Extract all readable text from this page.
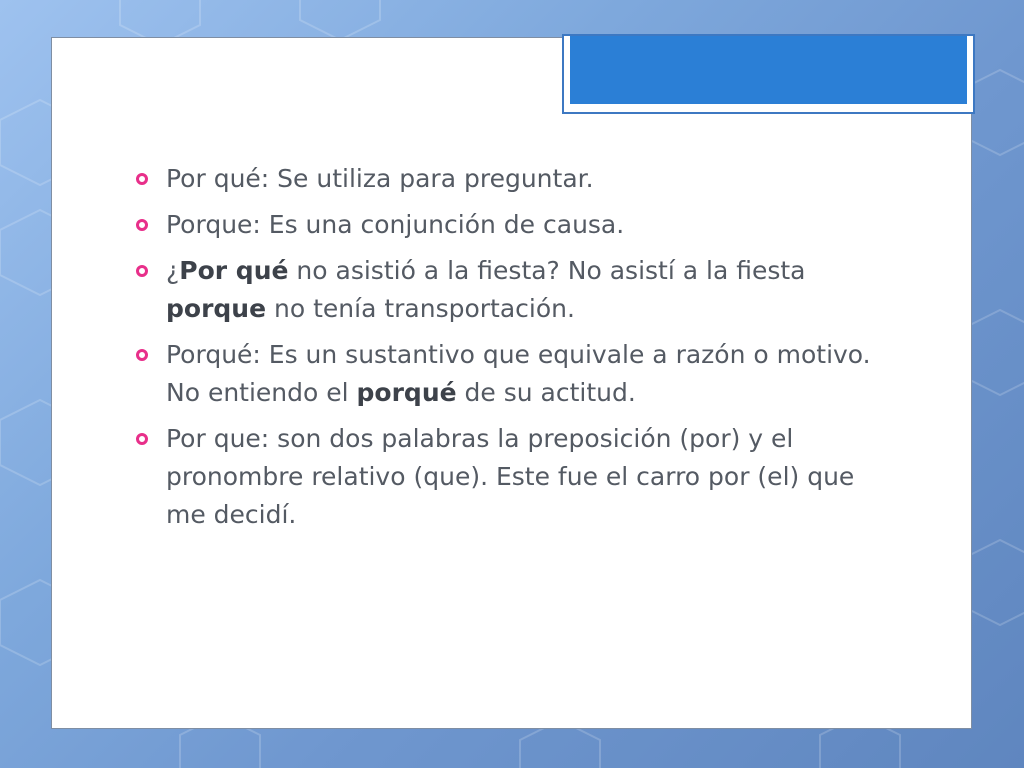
Por qué: Se utiliza para preguntar.
Porque: Es una conjunción de causa.
¿Por qué no asistió a la fiesta? No asistí a la fiesta porque no tenía transportación.
Porqué: Es un sustantivo que equivale a razón o motivo. No entiendo el porqué de su actitud.
Por que: son dos palabras la preposición (por) y el pronombre relativo (que). Este fue el carro por (el) que me decidí.
